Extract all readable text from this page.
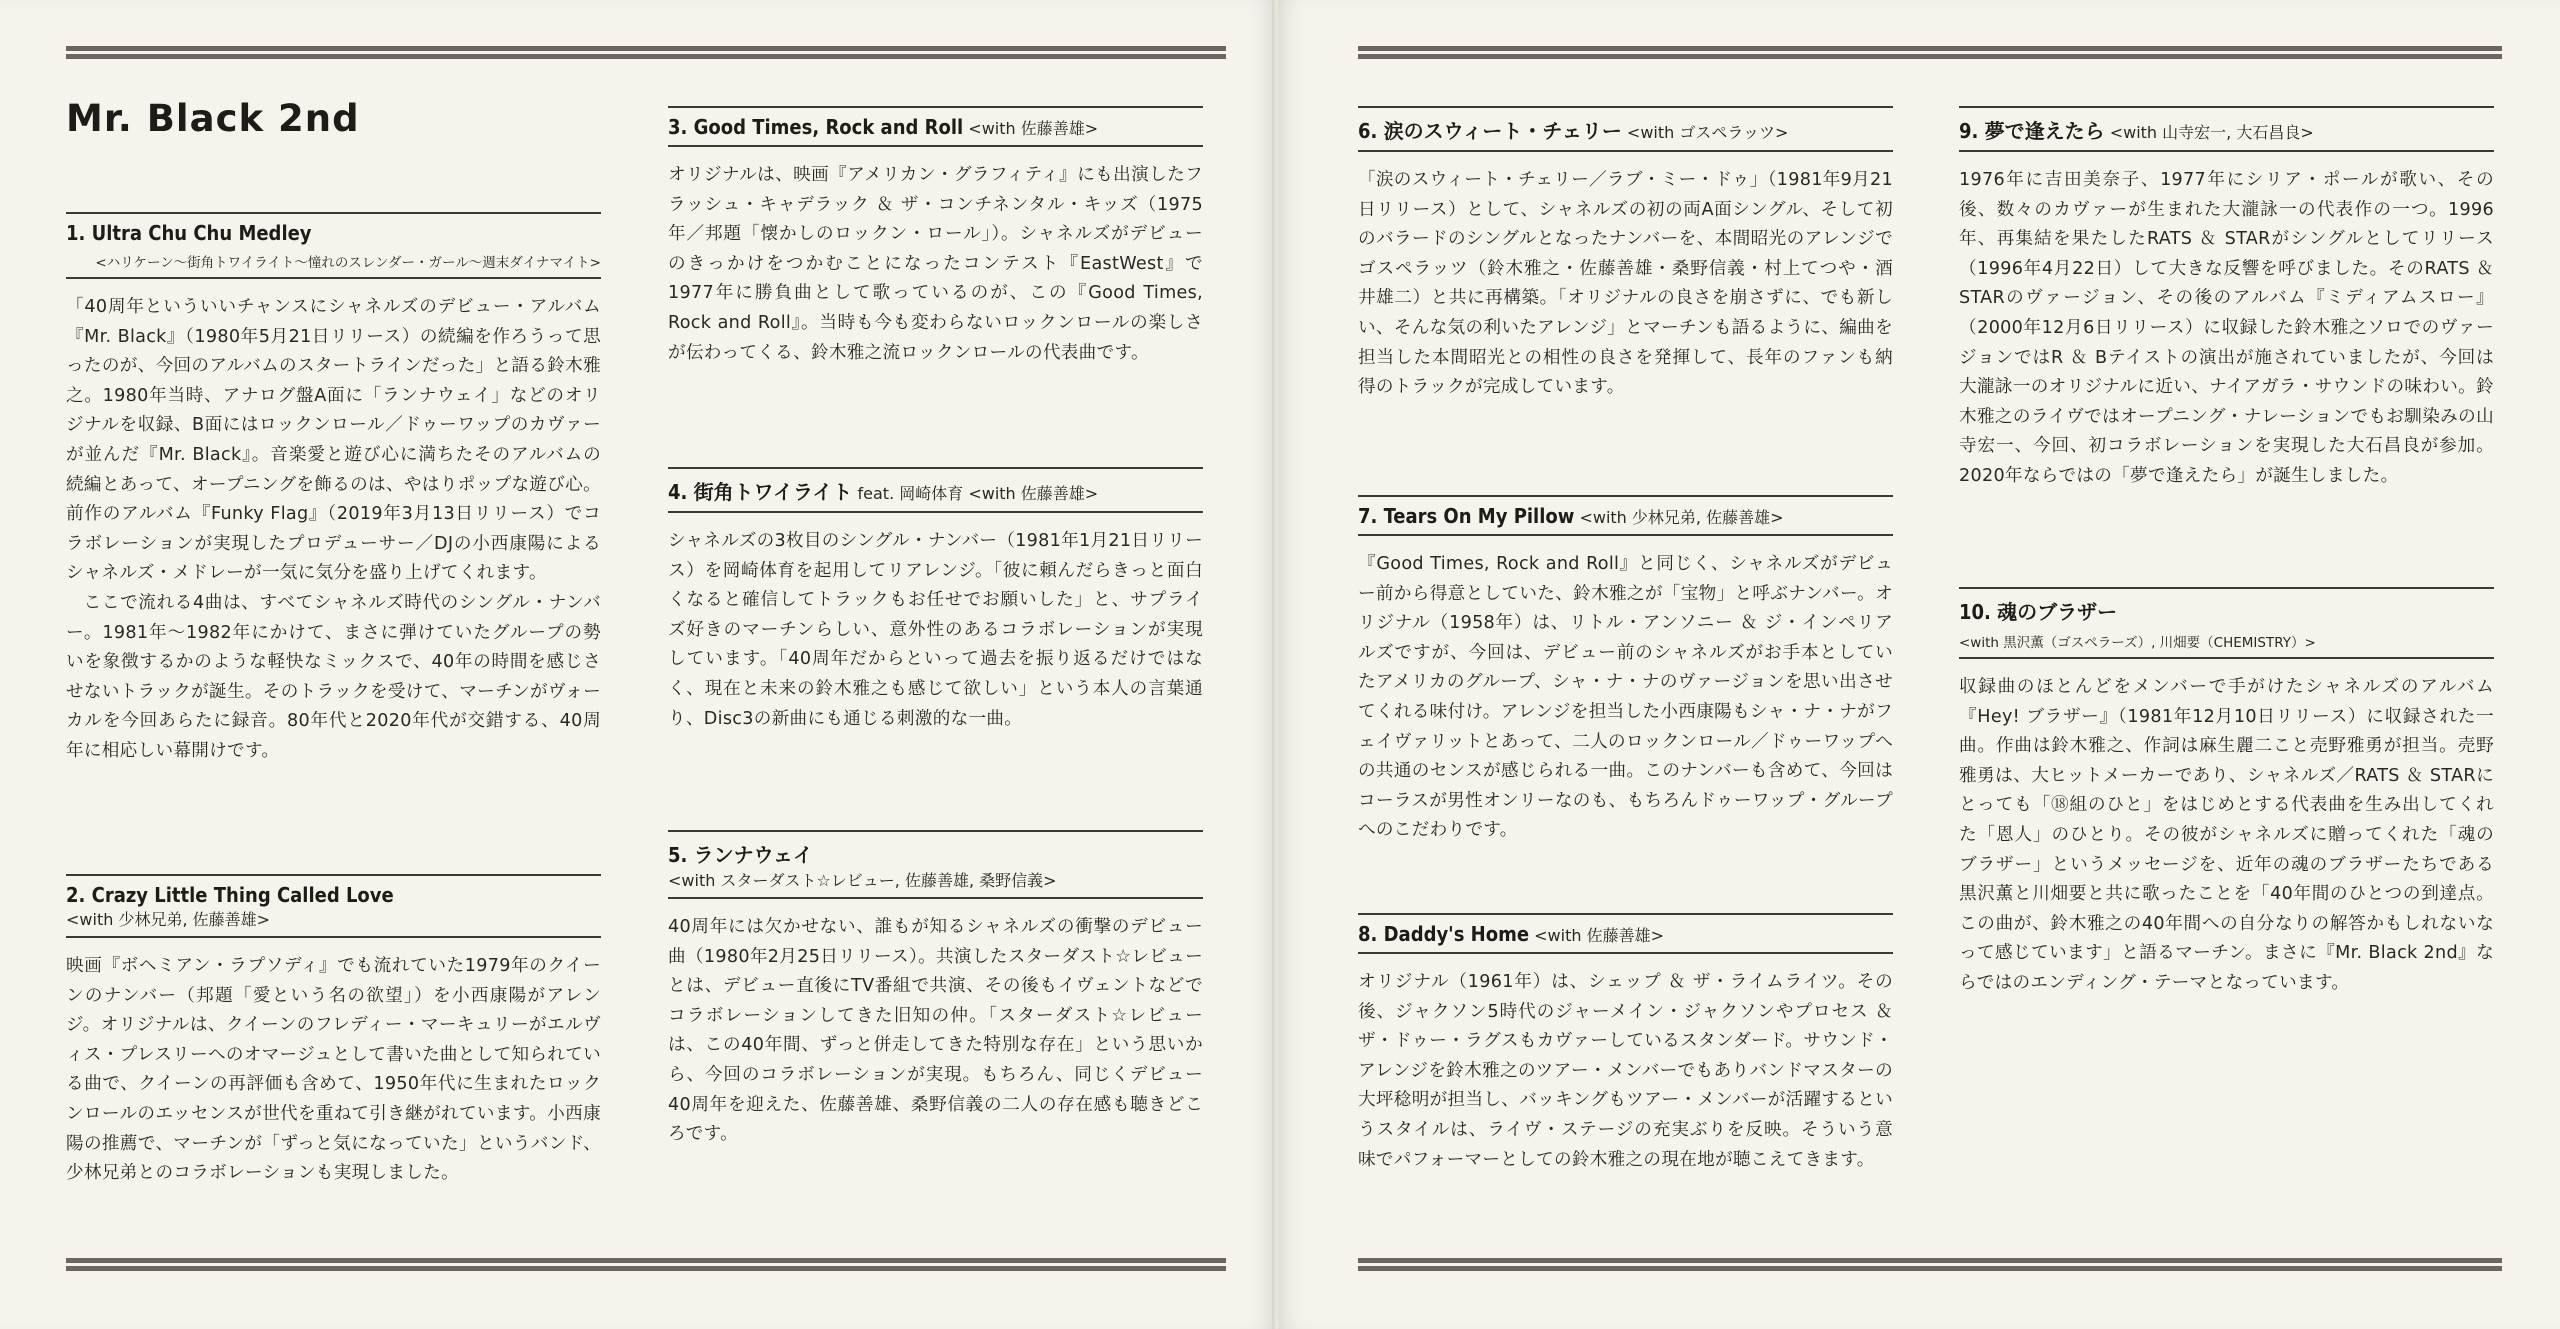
Mr. Black 2nd
1. Ultra Chu Chu Medley
<ハリケーン〜街角トワイライト〜憧れのスレンダー・ガール〜週末ダイナマイト>

「40周年といういいチャンスにシャネルズのデビュー・アルバム『Mr. Black』（1980年5月21日リリース）の続編を作ろうって思ったのが、今回のアルバムのスタートラインだった」と語る鈴木雅之。1980年当時、アナログ盤A面に「ランナウェイ」などのオリジナルを収録、B面にはロックンロール／ドゥーワップのカヴァーが並んだ『Mr. Black』。音楽愛と遊び心に満ちたそのアルバムの続編とあって、オープニングを飾るのは、やはりポップな遊び心。前作のアルバム『Funky Flag』（2019年3月13日リリース）でコラボレーションが実現したプロデューサー／DJの小西康陽によるシャネルズ・メドレーが一気に気分を盛り上げてくれます。

ここで流れる4曲は、すべてシャネルズ時代のシングル・ナンバー。1981年〜1982年にかけて、まさに弾けていたグループの勢いを象徴するかのような軽快なミックスで、40年の時間を感じさせないトラックが誕生。そのトラックを受けて、マーチンがヴォーカルを今回あらたに録音。80年代と2020年代が交錯する、40周年に相応しい幕開けです。

2. Crazy Little Thing Called Love <with 少林兄弟, 佐藤善雄>

映画『ボヘミアン・ラプソディ』でも流れていた1979年のクイーンのナンバー（邦題「愛という名の欲望」）を小西康陽がアレンジ。オリジナルは、クイーンのフレディー・マーキュリーがエルヴィス・プレスリーへのオマージュとして書いた曲として知られている曲で、クイーンの再評価も含めて、1950年代に生まれたロックンロールのエッセンスが世代を重ねて引き継がれています。小西康陽の推薦で、マーチンが「ずっと気になっていた」というバンド、少林兄弟とのコラボレーションも実現しました。

3. Good Times, Rock and Roll <with 佐藤善雄>

オリジナルは、映画『アメリカン・グラフィティ』にも出演したフラッシュ・キャデラック ＆ ザ・コンチネンタル・キッズ（1975年／邦題「懐かしのロックン・ロール」）。シャネルズがデビューのきっかけをつかむことになったコンテスト『EastWest』で1977年に勝負曲として歌っているのが、この『Good Times, Rock and Roll』。当時も今も変わらないロックンロールの楽しさが伝わってくる、鈴木雅之流ロックンロールの代表曲です。

4. 街角トワイライト feat. 岡崎体育 <with 佐藤善雄>

シャネルズの3枚目のシングル・ナンバー（1981年1月21日リリース）を岡崎体育を起用してリアレンジ。「彼に頼んだらきっと面白くなると確信してトラックもお任せでお願いした」と、サプライズ好きのマーチンらしい、意外性のあるコラボレーションが実現しています。「40周年だからといって過去を振り返るだけではなく、現在と未来の鈴木雅之も感じて欲しい」という本人の言葉通り、Disc3の新曲にも通じる刺激的な一曲。

5. ランナウェイ <with スターダスト☆レビュー, 佐藤善雄, 桑野信義>

40周年には欠かせない、誰もが知るシャネルズの衝撃のデビュー曲（1980年2月25日リリース）。共演したスターダスト☆レビューとは、デビュー直後にTV番組で共演、その後もイヴェントなどでコラボレーションしてきた旧知の仲。「スターダスト☆レビューは、この40年間、ずっと併走してきた特別な存在」という思いから、今回のコラボレーションが実現。もちろん、同じくデビュー40周年を迎えた、佐藤善雄、桑野信義の二人の存在感も聴きどころです。

6. 涙のスウィート・チェリー <with ゴスペラッツ>

「涙のスウィート・チェリー／ラブ・ミー・ドゥ」（1981年9月21日リリース）として、シャネルズの初の両A面シングル、そして初のバラードのシングルとなったナンバーを、本間昭光のアレンジでゴスペラッツ（鈴木雅之・佐藤善雄・桑野信義・村上てつや・酒井雄二）と共に再構築。「オリジナルの良さを崩さずに、でも新しい、そんな気の利いたアレンジ」とマーチンも語るように、編曲を担当した本間昭光との相性の良さを発揮して、長年のファンも納得のトラックが完成しています。

7. Tears On My Pillow <with 少林兄弟, 佐藤善雄>

『Good Times, Rock and Roll』と同じく、シャネルズがデビュー前から得意としていた、鈴木雅之が「宝物」と呼ぶナンバー。オリジナル（1958年）は、リトル・アンソニー ＆ ジ・インペリアルズですが、今回は、デビュー前のシャネルズがお手本としていたアメリカのグループ、シャ・ナ・ナのヴァージョンを思い出させてくれる味付け。アレンジを担当した小西康陽もシャ・ナ・ナがフェイヴァリットとあって、二人のロックンロール／ドゥーワップへの共通のセンスが感じられる一曲。このナンバーも含めて、今回はコーラスが男性オンリーなのも、もちろんドゥーワップ・グループへのこだわりです。

8. Daddy's Home <with 佐藤善雄>

オリジナル（1961年）は、シェップ ＆ ザ・ライムライツ。その後、ジャクソン5時代のジャーメイン・ジャクソンやプロセス ＆ ザ・ドゥー・ラグスもカヴァーしているスタンダード。サウンド・アレンジを鈴木雅之のツアー・メンバーでもありバンドマスターの大坪稔明が担当し、バッキングもツアー・メンバーが活躍するというスタイルは、ライヴ・ステージの充実ぶりを反映。そういう意味でパフォーマーとしての鈴木雅之の現在地が聴こえてきます。

9. 夢で逢えたら <with 山寺宏一, 大石昌良>

1976年に吉田美奈子、1977年にシリア・ポールが歌い、その後、数々のカヴァーが生まれた大瀧詠一の代表作の一つ。1996年、再集結を果たしたRATS ＆ STARがシングルとしてリリース（1996年4月22日）して大きな反響を呼びました。そのRATS ＆ STARのヴァージョン、その後のアルバム『ミディアムスロー』（2000年12月6日リリース）に収録した鈴木雅之ソロでのヴァージョンではR ＆ Bテイストの演出が施されていましたが、今回は大瀧詠一のオリジナルに近い、ナイアガラ・サウンドの味わい。鈴木雅之のライヴではオープニング・ナレーションでもお馴染みの山寺宏一、今回、初コラボレーションを実現した大石昌良が参加。2020年ならではの「夢で逢えたら」が誕生しました。

10. 魂のブラザー
<with 黒沢薫（ゴスペラーズ）, 川畑要（CHEMISTRY）>

収録曲のほとんどをメンバーで手がけたシャネルズのアルバム『Hey! ブラザー』（1981年12月10日リリース）に収録された一曲。作曲は鈴木雅之、作詞は麻生麗二こと売野雅勇が担当。売野雅勇は、大ヒットメーカーであり、シャネルズ／RATS ＆ STARにとっても「⑱組のひと」をはじめとする代表曲を生み出してくれた「恩人」のひとり。その彼がシャネルズに贈ってくれた「魂のブラザー」というメッセージを、近年の魂のブラザーたちである黒沢薫と川畑要と共に歌ったことを「40年間のひとつの到達点。この曲が、鈴木雅之の40年間への自分なりの解答かもしれないなって感じています」と語るマーチン。まさに『Mr. Black 2nd』ならではのエンディング・テーマとなっています。
